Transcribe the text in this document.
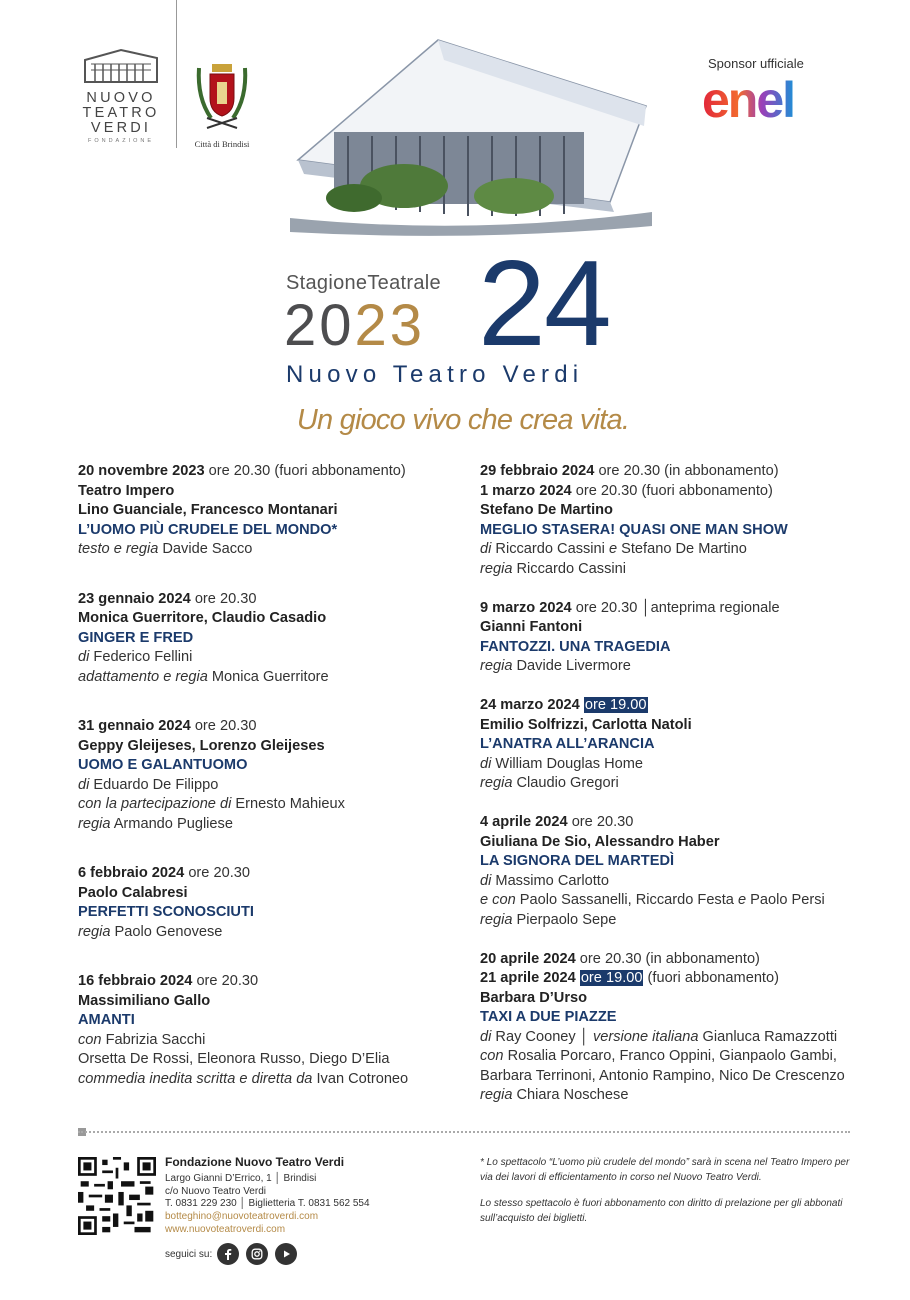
NUOVO
TEATRO
VERDI
FONDAZIONE	Città di Brindisi
Sponsor ufficiale
enel
StagioneTeatrale
2023 24
Nuovo Teatro Verdi
Un gioco vivo che crea vita.
20 novembre 2023 ore 20.30 (fuori abbonamento)
Teatro Impero
Lino Guanciale, Francesco Montanari
L’UOMO PIÙ CRUDELE DEL MONDO*
testo e regia Davide Sacco
23 gennaio 2024 ore 20.30
Monica Guerritore, Claudio Casadio
GINGER E FRED
di Federico Fellini
adattamento e regia Monica Guerritore
31 gennaio 2024 ore 20.30
Geppy Gleijeses, Lorenzo Gleijeses
UOMO E GALANTUOMO
di Eduardo De Filippo
con la partecipazione di Ernesto Mahieux
regia Armando Pugliese
6 febbraio 2024 ore 20.30
Paolo Calabresi
PERFETTI SCONOSCIUTI
regia Paolo Genovese
16 febbraio 2024 ore 20.30
Massimiliano Gallo
AMANTI
con Fabrizia Sacchi
Orsetta De Rossi, Eleonora Russo, Diego D’Elia
commedia inedita scritta e diretta da Ivan Cotroneo
29 febbraio 2024 ore 20.30 (in abbonamento)
1 marzo 2024 ore 20.30 (fuori abbonamento)
Stefano De Martino
MEGLIO STASERA! QUASI ONE MAN SHOW
di Riccardo Cassini e Stefano De Martino
regia Riccardo Cassini
9 marzo 2024 ore 20.30 │anteprima regionale
Gianni Fantoni
FANTOZZI. UNA TRAGEDIA
regia Davide Livermore
24 marzo 2024 ore 19.00
Emilio Solfrizzi, Carlotta Natoli
L’ANATRA ALL’ARANCIA
di William Douglas Home
regia Claudio Gregori
4 aprile 2024 ore 20.30
Giuliana De Sio, Alessandro Haber
LA SIGNORA DEL MARTEDÌ
di Massimo Carlotto
e con Paolo Sassanelli, Riccardo Festa e Paolo Persi
regia Pierpaolo Sepe
20 aprile 2024 ore 20.30 (in abbonamento)
21 aprile 2024 ore 19.00 (fuori abbonamento)
Barbara D’Urso
TAXI A DUE PIAZZE
di Ray Cooney │ versione italiana Gianluca Ramazzotti
con Rosalia Porcaro, Franco Oppini, Gianpaolo Gambi,
Barbara Terrinoni, Antonio Rampino, Nico De Crescenzo
regia Chiara Noschese
Fondazione Nuovo Teatro Verdi
Largo Gianni D’Errico, 1 │ Brindisi
c/o Nuovo Teatro Verdi
T. 0831 229 230 │ Biglietteria T. 0831 562 554
botteghino@nuovoteatroverdi.com
www.nuovoteatroverdi.com
seguici su:

* Lo spettacolo “L’uomo più crudele del mondo” sarà in scena nel Teatro Impero per via dei lavori di efficientamento in corso nel Nuovo Teatro Verdi.

Lo stesso spettacolo è fuori abbonamento con diritto di prelazione per gli abbonati sull’acquisto dei biglietti.
